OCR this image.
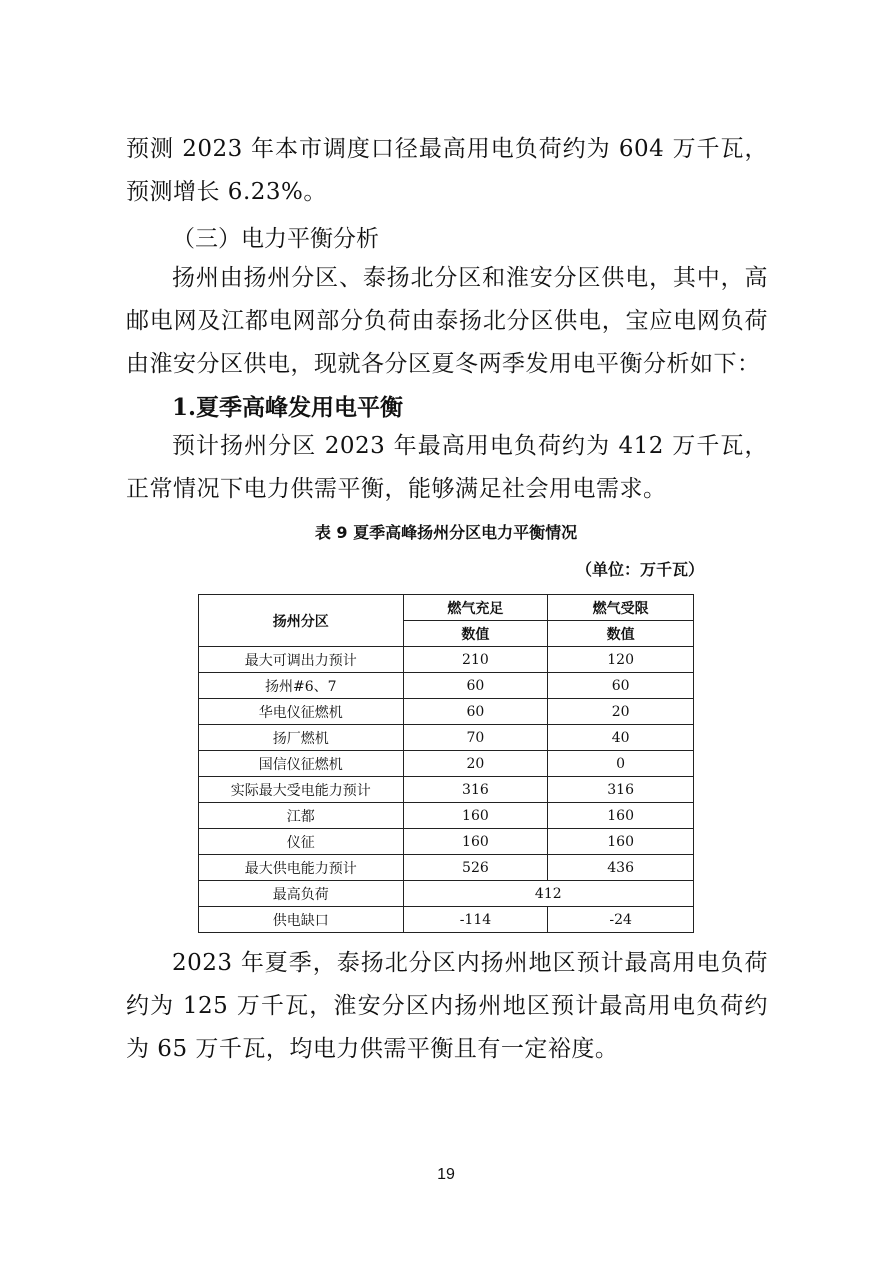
预测 2023 年本市调度口径最高用电负荷约为 604 万千瓦，预测增长 6.23%。

（三）电力平衡分析

扬州由扬州分区、泰扬北分区和淮安分区供电，其中，高邮电网及江都电网部分负荷由泰扬北分区供电，宝应电网负荷由淮安分区供电，现就各分区夏冬两季发用电平衡分析如下：

1.夏季高峰发用电平衡

预计扬州分区 2023 年最高用电负荷约为 412 万千瓦，正常情况下电力供需平衡，能够满足社会用电需求。

表 9 夏季高峰扬州分区电力平衡情况

（单位：万千瓦）

扬州分区	燃气充足	燃气受限
	数值	数值
最大可调出力预计	210	120
扬州#6、7	60	60
华电仪征燃机	60	20
扬厂燃机	70	40
国信仪征燃机	20	0
实际最大受电能力预计	316	316
江都	160	160
仪征	160	160
最大供电能力预计	526	436
最高负荷	412	
供电缺口	-114	-24

2023 年夏季，泰扬北分区内扬州地区预计最高用电负荷约为 125 万千瓦，淮安分区内扬州地区预计最高用电负荷约为 65 万千瓦，均电力供需平衡且有一定裕度。

19
